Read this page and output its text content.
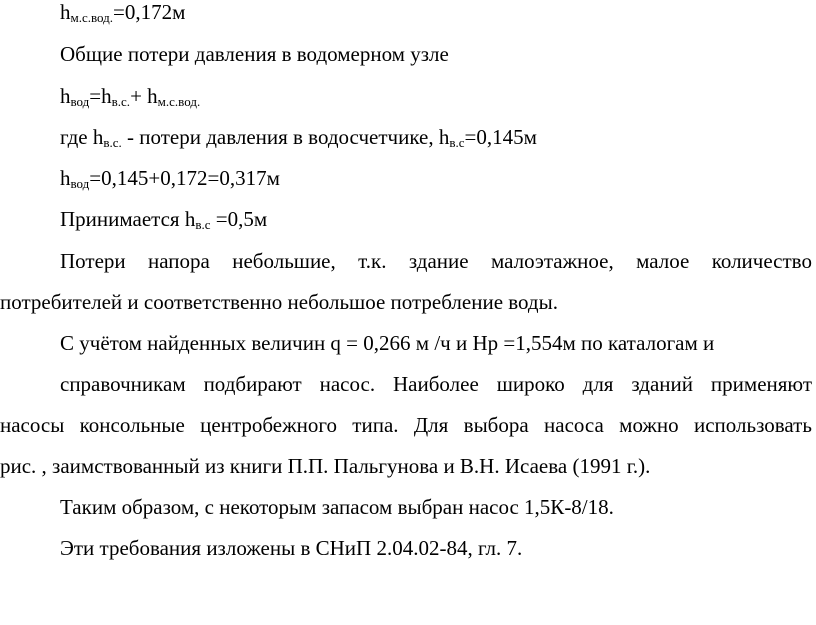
$h_{м.с.вод.}=0,172м$
Общие потери давления в водомерном узле
$h_{вод}=h_{в.с.}+ h_{м.с.вод.}$
где $h_{в.с.}$ - потери давления в водосчетчике, $h_{в.с}=0,145м$
$h_{вод}=0,145+0,172=0,317м$
Принимается $h_{в.с} =0,5м$
Потери напора небольшие, т.к. здание малоэтажное, малое количество
потребителей и соответственно небольшое потребление воды.
С учётом найденных величин q = 0,266 м /ч и Hр =1,554м по каталогам и
справочникам подбирают насос. Наиболее широко для зданий применяют
насосы консольные центробежного типа. Для выбора насоса можно использовать
рис. , заимствованный из книги П.П. Пальгунова и В.Н. Исаева (1991 г.).
Таким образом, с некоторым запасом выбран насос 1,5К-8/18.
Эти требования изложены в СНиП 2.04.02-84, гл. 7.
